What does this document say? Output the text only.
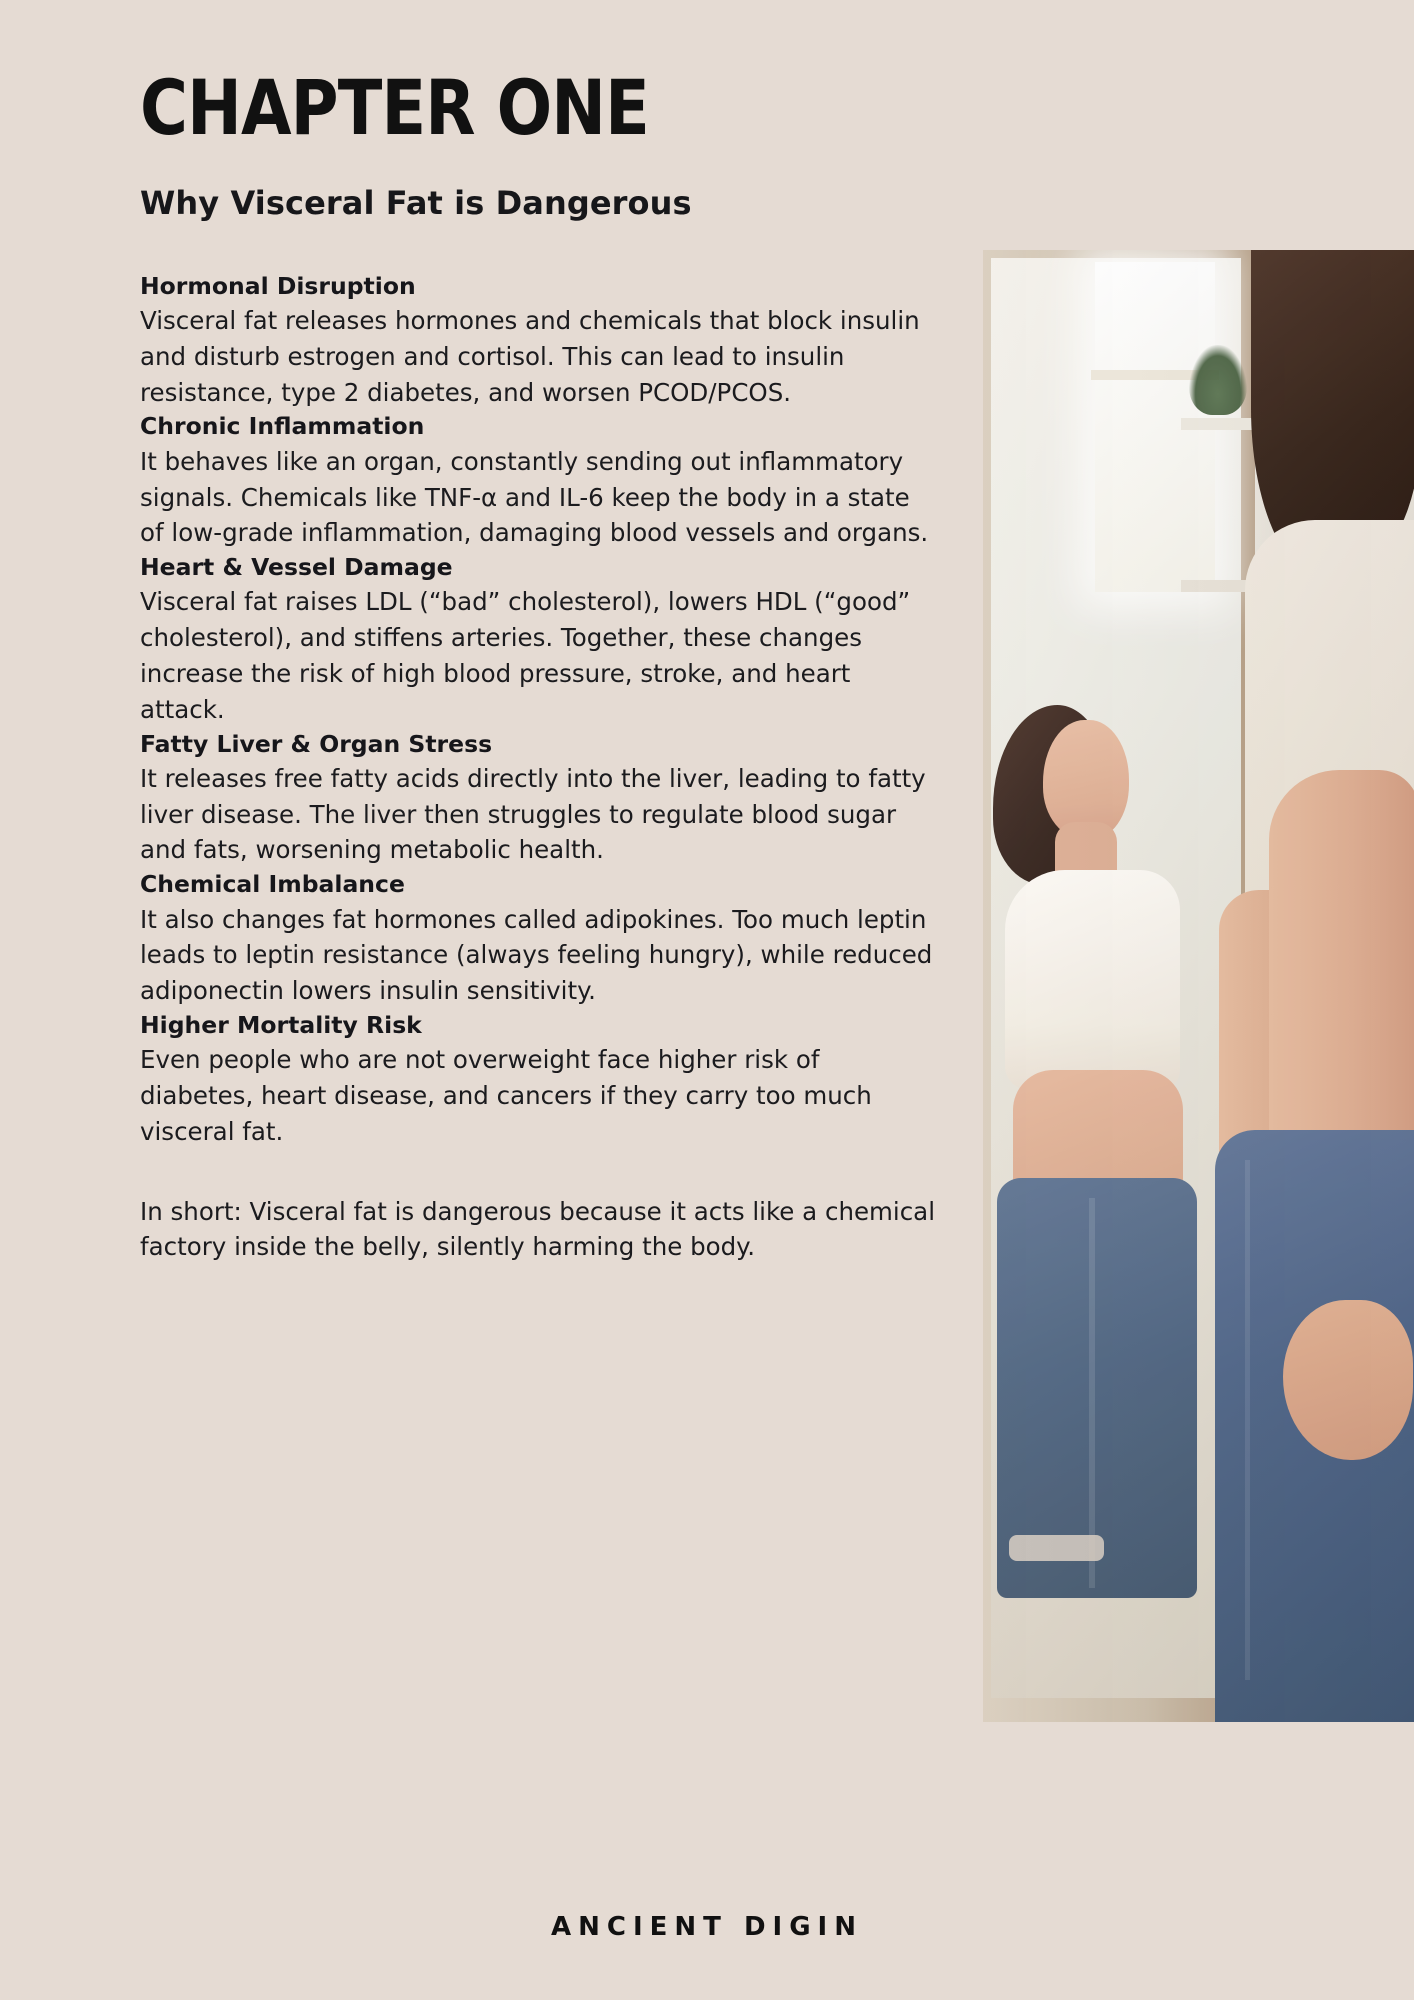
CHAPTER ONE
Why Visceral Fat is Dangerous

Hormonal Disruption

Visceral fat releases hormones and chemicals that block insulin and disturb estrogen and cortisol. This can lead to insulin resistance, type 2 diabetes, and worsen PCOD/PCOS.

Chronic Inflammation

It behaves like an organ, constantly sending out inflammatory signals. Chemicals like TNF-α and IL-6 keep the body in a state of low-grade inflammation, damaging blood vessels and organs.

Heart & Vessel Damage

Visceral fat raises LDL (“bad” cholesterol), lowers HDL (“good” cholesterol), and stiffens arteries. Together, these changes increase the risk of high blood pressure, stroke, and heart attack.

Fatty Liver & Organ Stress

It releases free fatty acids directly into the liver, leading to fatty liver disease. The liver then struggles to regulate blood sugar and fats, worsening metabolic health.

Chemical Imbalance

It also changes fat hormones called adipokines. Too much leptin leads to leptin resistance (always feeling hungry), while reduced adiponectin lowers insulin sensitivity.

Higher Mortality Risk

Even people who are not overweight face higher risk of diabetes, heart disease, and cancers if they carry too much visceral fat.

In short: Visceral fat is dangerous because it acts like a chemical factory inside the belly, silently harming the body.

ANCIENT DIGIN
